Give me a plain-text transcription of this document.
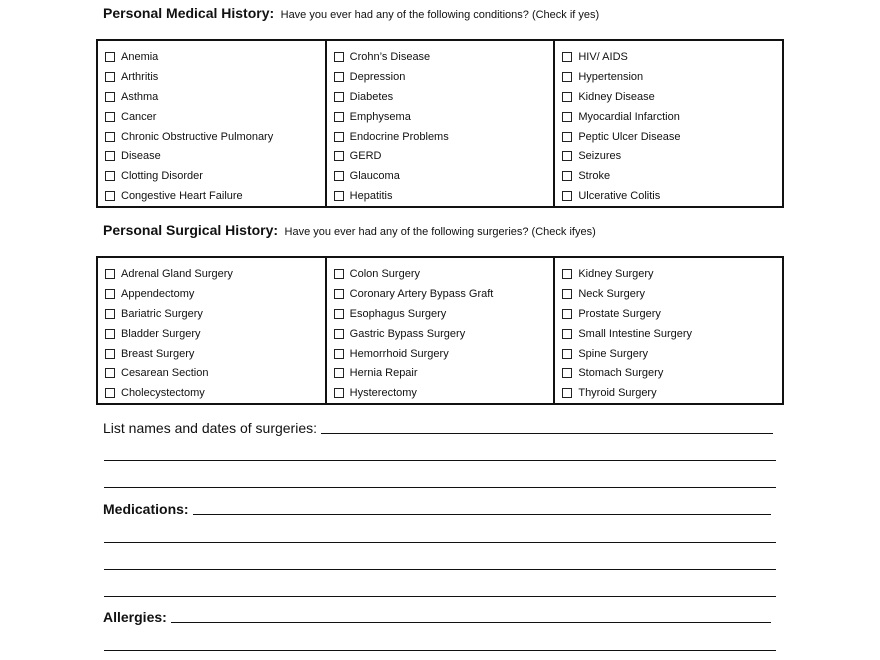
Personal Medical History: Have you ever had any of the following conditions? (Check if yes)
Anemia
Arthritis
Asthma
Cancer
Chronic Obstructive Pulmonary
Disease
Clotting Disorder
Congestive Heart Failure
Crohn’s Disease
Depression
Diabetes
Emphysema
Endocrine Problems
GERD
Glaucoma
Hepatitis
HIV/ AIDS
Hypertension
Kidney Disease
Myocardial Infarction
Peptic Ulcer Disease
Seizures
Stroke
Ulcerative Colitis
Personal Surgical History: Have you ever had any of the following surgeries? (Check ifyes)
Adrenal Gland Surgery
Appendectomy
Bariatric Surgery
Bladder Surgery
Breast Surgery
Cesarean Section
Cholecystectomy
Colon Surgery
Coronary Artery Bypass Graft
Esophagus Surgery
Gastric Bypass Surgery
Hemorrhoid Surgery
Hernia Repair
Hysterectomy
Kidney Surgery
Neck Surgery
Prostate Surgery
Small Intestine Surgery
Spine Surgery
Stomach Surgery
Thyroid Surgery
List names and dates of surgeries:
Medications:
Allergies:
